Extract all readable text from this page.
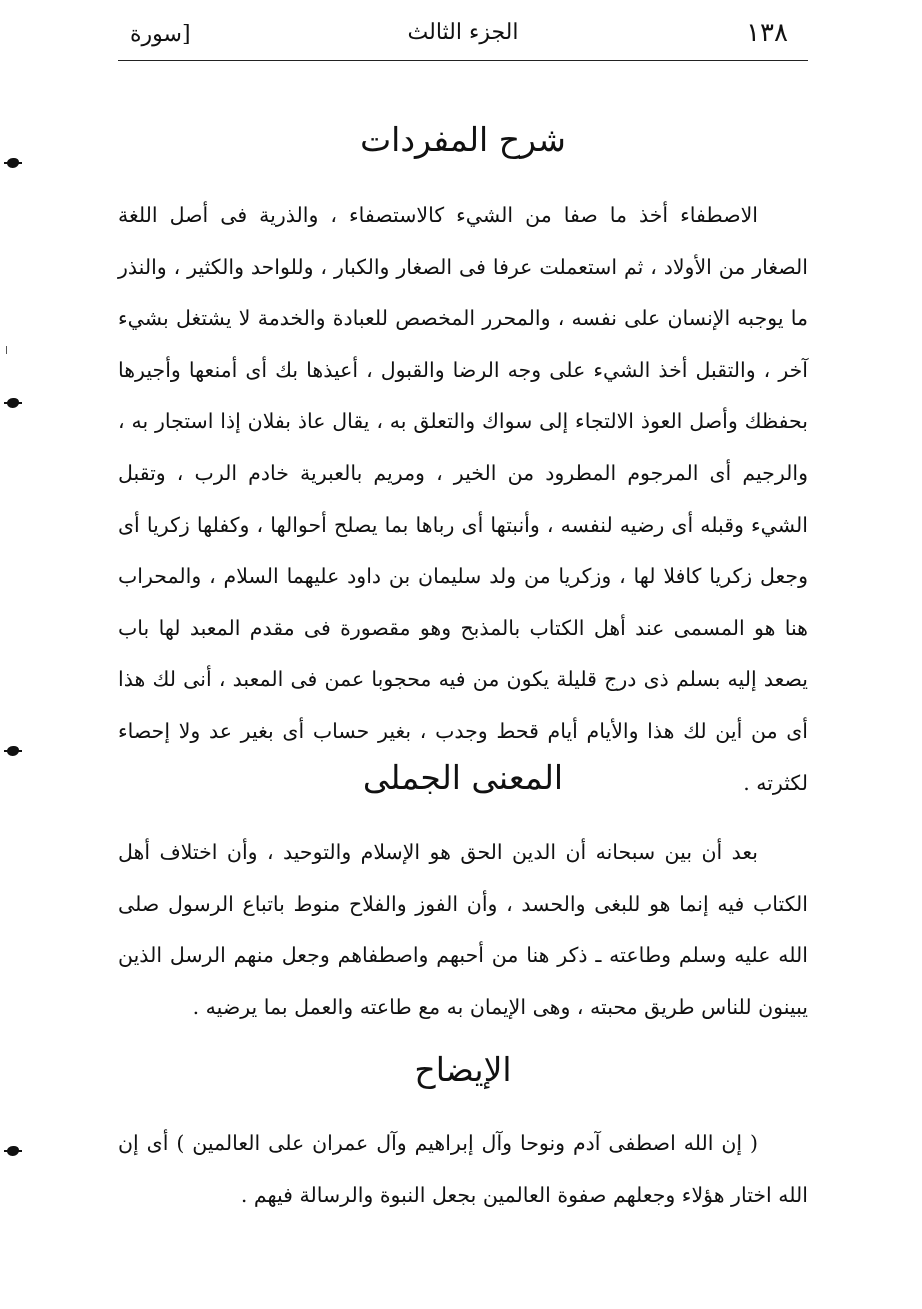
١٣٨
الجزء الثالث
[سورة
شرح المفردات

الاصطفاء أخذ ما صفا من الشيء كالاستصفاء ، والذرية فى أصل اللغة الصغار من الأولاد ، ثم استعملت عرفا فى الصغار والكبار ، وللواحد والكثير ، والنذر ما يوجبه الإنسان على نفسه ، والمحرر المخصص للعبادة والخدمة لا يشتغل بشيء آخر ، والتقبل أخذ الشيء على وجه الرضا والقبول ، أعيذها بك أى أمنعها وأجيرها بحفظك وأصل العوذ الالتجاء إلى سواك والتعلق به ، يقال عاذ بفلان إذا استجار به ، والرجيم أى المرجوم المطرود من الخير ، ومريم بالعبرية خادم الرب ، وتقبل الشيء وقبله أى رضيه لنفسه ، وأنبتها أى رباها بما يصلح أحوالها ، وكفلها زكريا أى وجعل زكريا كافلا لها ، وزكريا من ولد سليمان بن داود عليهما السلام ، والمحراب هنا هو المسمى عند أهل الكتاب بالمذبح وهو مقصورة فى مقدم المعبد لها باب يصعد إليه بسلم ذى درج قليلة يكون من فيه محجوبا عمن فى المعبد ، أنى لك هذا أى من أين لك هذا والأيام أيام قحط وجدب ، بغير حساب أى بغير عد ولا إحصاء لكثرته .

المعنى الجملى

بعد أن بين سبحانه أن الدين الحق هو الإسلام والتوحيد ، وأن اختلاف أهل الكتاب فيه إنما هو للبغى والحسد ، وأن الفوز والفلاح منوط باتباع الرسول صلى الله عليه وسلم وطاعته ـ ذكر هنا من أحبهم واصطفاهم وجعل منهم الرسل الذين يبينون للناس طريق محبته ، وهى الإيمان به مع طاعته والعمل بما يرضيه .

الإيضاح

( إن الله اصطفى آدم ونوحا وآل إبراهيم وآل عمران على العالمين ) أى إن الله اختار هؤلاء وجعلهم صفوة العالمين بجعل النبوة والرسالة فيهم .
